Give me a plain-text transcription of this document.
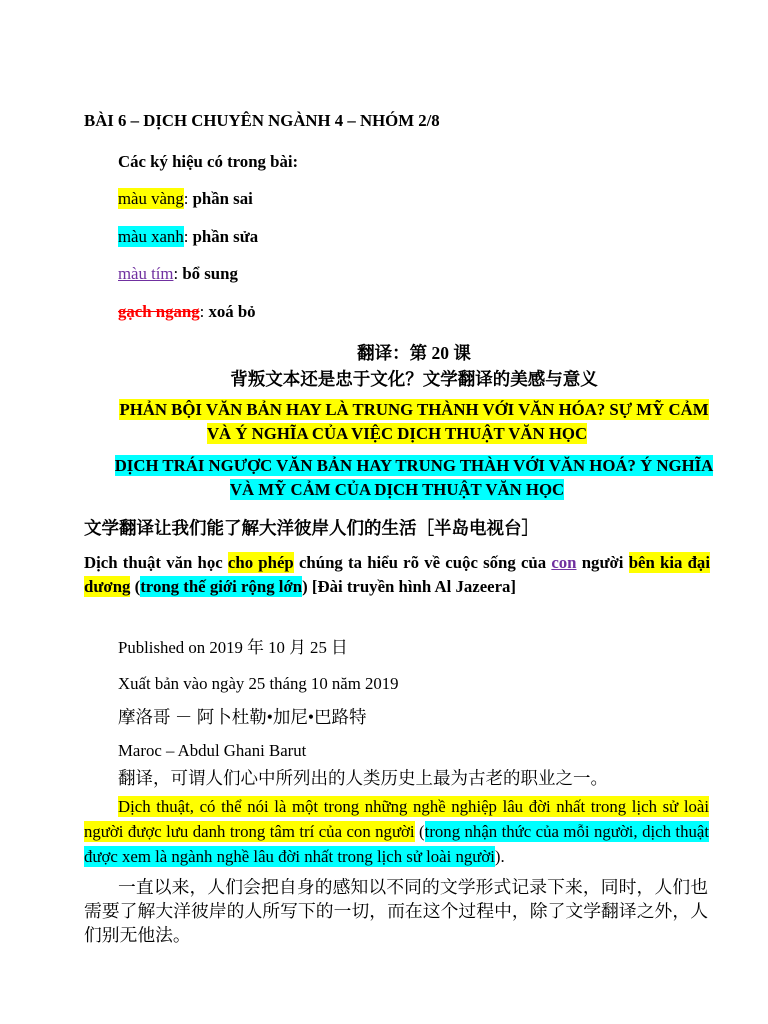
BÀI 6 – DỊCH CHUYÊN NGÀNH 4 – NHÓM 2/8
Các ký hiệu có trong bài:
màu vàng: phần sai
màu xanh: phần sửa
màu tím: bổ sung
gạch ngang: xoá bỏ
翻译：第 20 课
背叛文本还是忠于文化？文学翻译的美感与意义
PHẢN BỘI VĂN BẢN HAY LÀ TRUNG THÀNH VỚI VĂN HÓA? SỰ MỸ CẢM
VÀ Ý NGHĨA CỦA VIỆC DỊCH THUẬT VĂN HỌC
DỊCH TRÁI NGƯỢC VĂN BẢN HAY TRUNG THÀH VỚI VĂN HOÁ? Ý NGHĨA
VÀ MỸ CẢM CỦA DỊCH THUẬT VĂN HỌC
文学翻译让我们能了解大洋彼岸人们的生活［半岛电视台］
Dịch thuật văn học cho phép chúng ta hiểu rõ về cuộc sống của con người bên kia đại
dương (trong thế giới rộng lớn) [Đài truyền hình Al Jazeera]
Published on 2019 年 10 月 25 日
Xuất bản vào ngày 25 tháng 10 năm 2019
摩洛哥 － 阿卜杜勒•加尼•巴路特
Maroc – Abdul Ghani Barut
翻译，可谓人们心中所列出的人类历史上最为古老的职业之一。
Dịch thuật, có thể nói là một trong những nghề nghiệp lâu đời nhất trong lịch sử loài
người được lưu danh trong tâm trí của con người (trong nhận thức của mỗi người, dịch thuật
được xem là ngành nghề lâu đời nhất trong lịch sử loài người).
一直以来，人们会把自身的感知以不同的文学形式记录下来，同时，人们也
需要了解大洋彼岸的人所写下的一切，而在这个过程中，除了文学翻译之外，人
们别无他法。
